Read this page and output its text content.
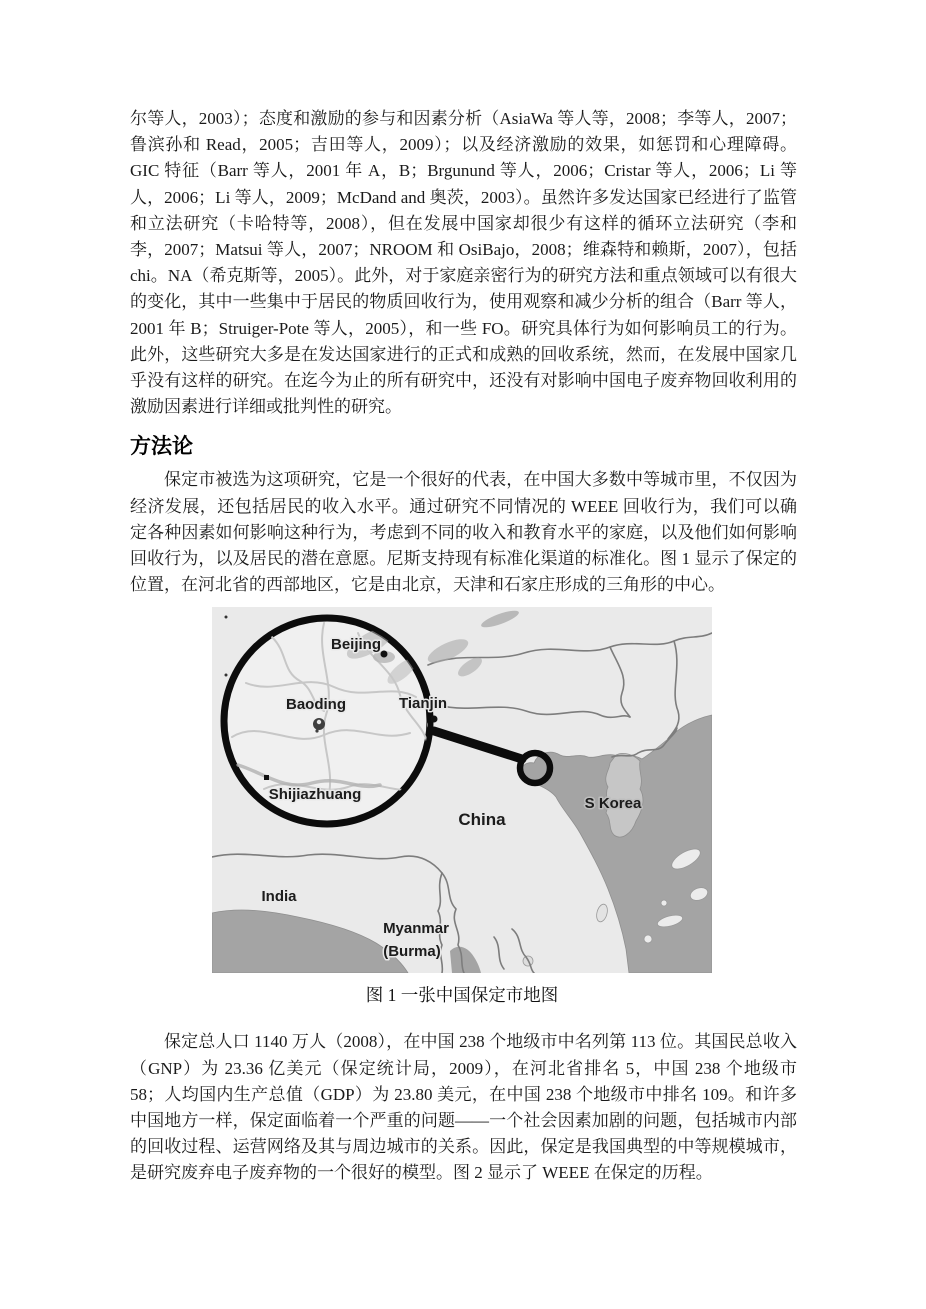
尔等人，2003）；态度和激励的参与和因素分析（AsiaWa 等人等，2008；李等人，2007；鲁滨孙和 Read，2005；吉田等人，2009）；以及经济激励的效果，如惩罚和心理障碍。GIC 特征（Barr 等人，2001 年 A，B；Brgunund 等人，2006；Cristar 等人，2006；Li 等人，2006；Li 等人，2009；McDand and 奥茨，2003）。虽然许多发达国家已经进行了监管和立法研究（卡哈特等，2008），但在发展中国家却很少有这样的循环立法研究（李和李，2007；Matsui 等人，2007；NROOM 和 OsiBajo，2008；维森特和赖斯，2007），包括 chi。NA（希克斯等，2005）。此外，对于家庭亲密行为的研究方法和重点领域可以有很大的变化，其中一些集中于居民的物质回收行为，使用观察和减少分析的组合（Barr 等人，2001 年 B；Struiger-Pote 等人，2005），和一些 FO。研究具体行为如何影响员工的行为。此外，这些研究大多是在发达国家进行的正式和成熟的回收系统，然而，在发展中国家几乎没有这样的研究。在迄今为止的所有研究中，还没有对影响中国电子废弃物回收利用的激励因素进行详细或批判性的研究。

方法论

保定市被选为这项研究，它是一个很好的代表，在中国大多数中等城市里，不仅因为经济发展，还包括居民的收入水平。通过研究不同情况的 WEEE 回收行为，我们可以确定各种因素如何影响这种行为，考虑到不同的收入和教育水平的家庭，以及他们如何影响回收行为，以及居民的潜在意愿。尼斯支持现有标准化渠道的标准化。图 1 显示了保定的位置，在河北省的西部地区，它是由北京，天津和石家庄形成的三角形的中心。

Beijing
Baoding	Tianjin
Shijiazhuang
China
S Korea
India
Myanmar
(Burma)
图 1 一张中国保定市地图

保定总人口 1140 万人（2008），在中国 238 个地级市中名列第 113 位。其国民总收入（GNP）为 23.36 亿美元（保定统计局，2009），在河北省排名 5，中国 238 个地级市 58；人均国内生产总值（GDP）为 23.80 美元，在中国 238 个地级市中排名 109。和许多中国地方一样，保定面临着一个严重的问题——一个社会因素加剧的问题，包括城市内部的回收过程、运营网络及其与周边城市的关系。因此，保定是我国典型的中等规模城市，是研究废弃电子废弃物的一个很好的模型。图 2 显示了 WEEE 在保定的历程。
